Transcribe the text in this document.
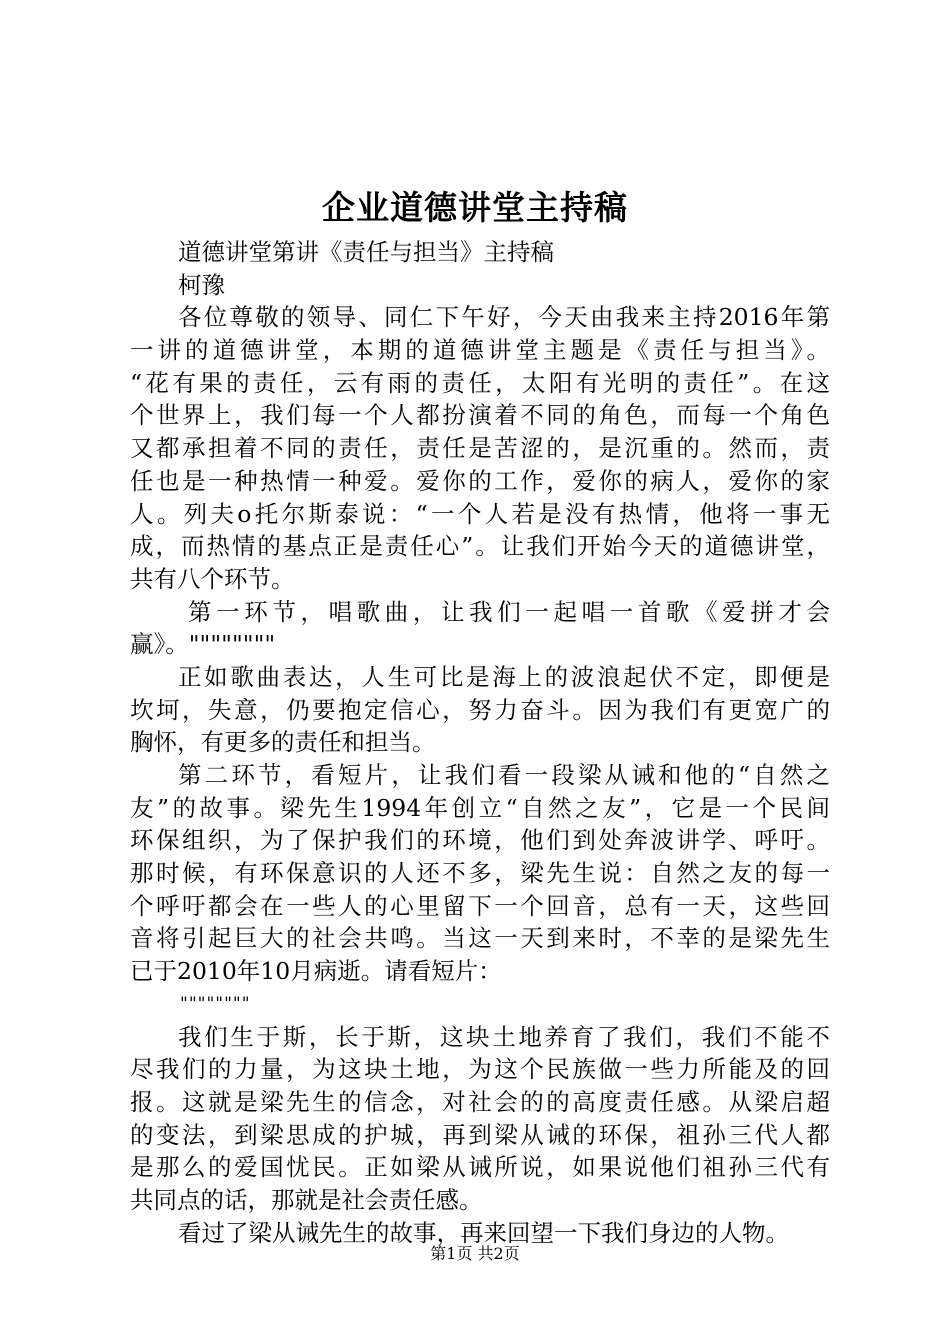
企业道德讲堂主持稿
道德讲堂第讲《责任与担当》主持稿
柯豫
各位尊敬的领导、同仁下午好，今天由我来主持2016年第
一讲的道德讲堂，本期的道德讲堂主题是《责任与担当》。
“花有果的责任，云有雨的责任，太阳有光明的责任”。在这
个世界上，我们每一个人都扮演着不同的角色，而每一个角色
又都承担着不同的责任，责任是苦涩的，是沉重的。然而，责
任也是一种热情一种爱。爱你的工作，爱你的病人，爱你的家
人。列夫o托尔斯泰说：“一个人若是没有热情，他将一事无
成，而热情的基点正是责任心”。让我们开始今天的道德讲堂，
共有八个环节。
第一环节，唱歌曲，让我们一起唱一首歌《爱拼才会
赢》。""""""""
正如歌曲表达，人生可比是海上的波浪起伏不定，即便是
坎坷，失意，仍要抱定信心，努力奋斗。因为我们有更宽广的
胸怀，有更多的责任和担当。
第二环节，看短片，让我们看一段梁从诫和他的“自然之
友”的故事。梁先生1994年创立“自然之友”，它是一个民间
环保组织，为了保护我们的环境，他们到处奔波讲学、呼吁。
那时候，有环保意识的人还不多，梁先生说：自然之友的每一
个呼吁都会在一些人的心里留下一个回音，总有一天，这些回
音将引起巨大的社会共鸣。当这一天到来时，不幸的是梁先生
已于2010年10月病逝。请看短片：
""""""""
我们生于斯，长于斯，这块土地养育了我们，我们不能不
尽我们的力量，为这块土地，为这个民族做一些力所能及的回
报。这就是梁先生的信念，对社会的的高度责任感。从梁启超
的变法，到梁思成的护城，再到梁从诫的环保，祖孙三代人都
是那么的爱国忧民。正如梁从诫所说，如果说他们祖孙三代有
共同点的话，那就是社会责任感。
看过了梁从诫先生的故事，再来回望一下我们身边的人物。
第1页 共2页
